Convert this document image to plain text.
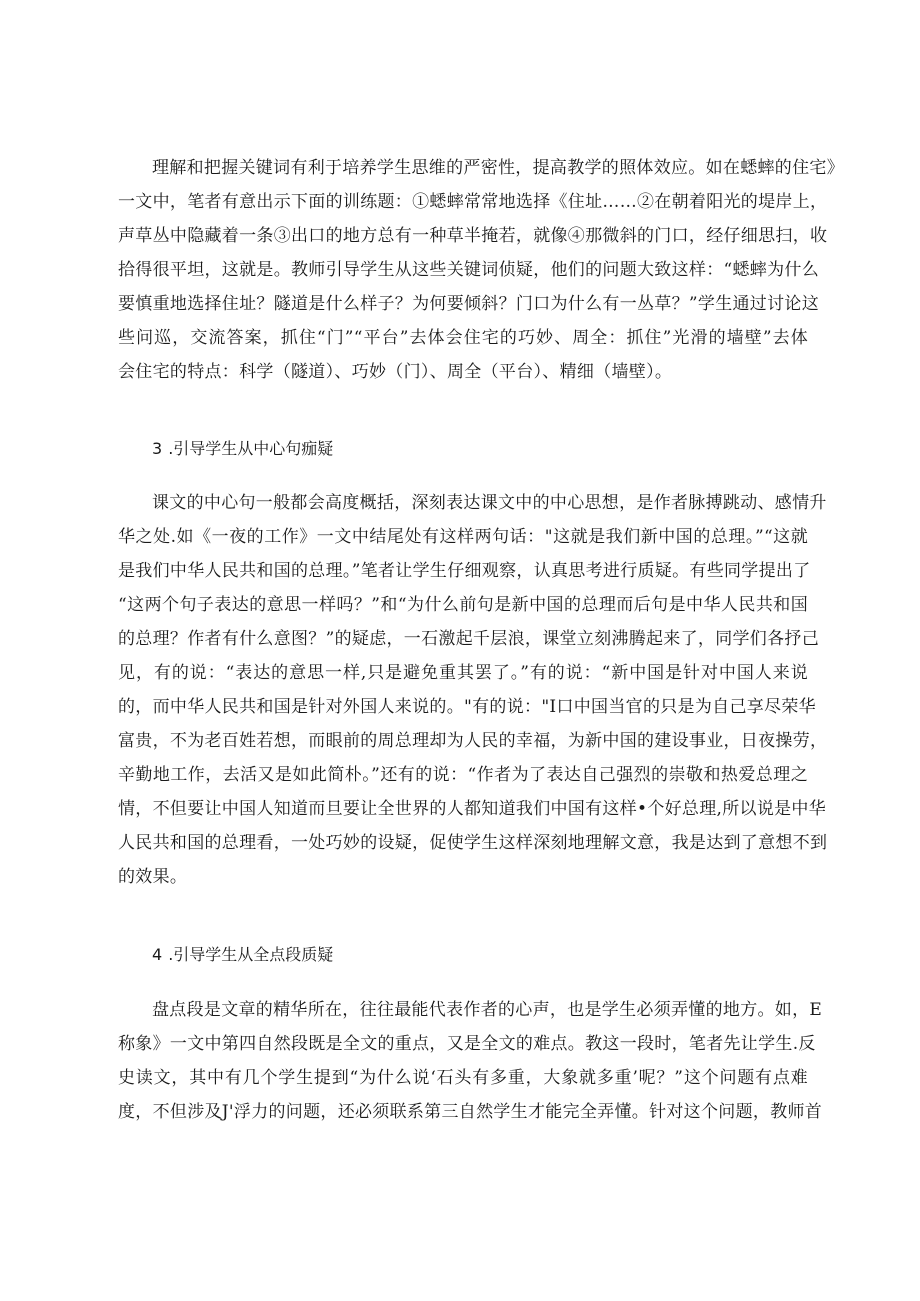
理解和把握关键词有利于培养学生思维的严密性，提高教学的照体效应。如在蟋蟀的住宅》
一文中，笔者有意出示下面的训练题：①蟋蟀常常地选择《住址……②在朝着阳光的堤岸上，
声草丛中隐藏着一条③出口的地方总有一种草半掩若，就像④那微斜的门口，经仔细思扫，收
拾得很平坦，这就是。教师引导学生从这些关键词侦疑，他们的问题大致这样：“蟋蟀为什么
要慎重地选择住址？隧道是什么样子？为何要倾斜？门口为什么有一丛草？”学生通过讨论这
些问巡，交流答案，抓住“门”“平台”去体会住宅的巧妙、周全：抓住”光滑的墙壁”去体
会住宅的特点：科学（隧道）、巧妙（门）、周全（平台）、精细（墙壁）。
3 .引导学生从中心句痂疑
课文的中心句一般都会高度概括，深刻表达课文中的中心思想，是作者脉搏跳动、感情升
华之处.如《一夜的工作》一文中结尾处有这样两句话："这就是我们新中国的总理。”“这就
是我们中华人民共和国的总理。”笔者让学生仔细观察，认真思考进行质疑。有些同学提出了
“这两个句子表达的意思一样吗？”和“为什么前句是新中国的总理而后句是中华人民共和国
的总理？作者有什么意图？”的疑虑，一石激起千层浪，课堂立刻沸腾起来了，同学们各抒己
见，有的说：“表达的意思一样,只是避免重其罢了。”有的说：“新中国是针对中国人来说
的，而中华人民共和国是针对外国人来说的。"有的说："I口中国当官的只是为自己享尽荣华
富贵，不为老百姓若想，而眼前的周总理却为人民的幸福，为新中国的建设事业，日夜操劳，
辛勤地工作，去活又是如此简朴。”还有的说：“作者为了表达自己强烈的崇敬和热爱总理之
情，不但要让中国人知道而旦要让全世界的人都知道我们中国有这样•个好总理,所以说是中华
人民共和国的总理看，一处巧妙的设疑，促使学生这样深刻地理解文意，我是达到了意想不到
的效果。
4 .引导学生从全点段质疑
盘点段是文章的精华所在，往往最能代表作者的心声，也是学生必须弄懂的地方。如，E
称象》一文中第四自然段既是全文的重点，又是全文的难点。教这一段时，笔者先让学生.反
史读文，其中有几个学生提到“为什么说‘石头有多重，大象就多重’呢？”这个问题有点难
度，不但涉及J'浮力的问题，还必须联系第三自然学生才能完全弄懂。针对这个问题，教师首
